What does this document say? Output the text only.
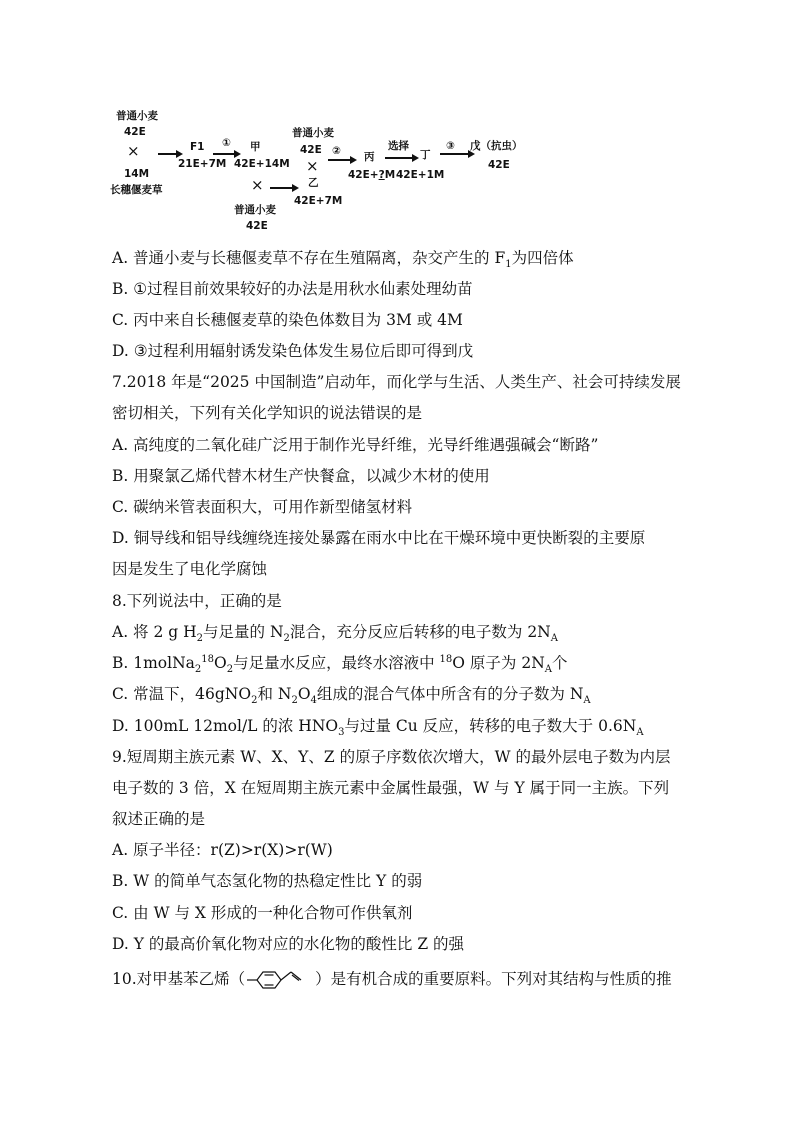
普通小麦
42E
×
14M
长穗偃麦草
F1
21E+7M
① 甲
42E+14M
×
普通小麦
42E
普通小麦
42E
×
乙
42E+7M
② 丙
42E+?M
选择
丁
42E+1M
③ 戊（抗虫）
42E
A. 普通小麦与长穗偃麦草不存在生殖隔离，杂交产生的 $F_1$为四倍体
B. ①过程目前效果较好的办法是用秋水仙素处理幼苗
C. 丙中来自长穗偃麦草的染色体数目为 3M 或 4M
D. ③过程利用辐射诱发染色体发生易位后即可得到戊
7.2018 年是“2025 中国制造”启动年，而化学与生活、人类生产、社会可持续发展
密切相关，下列有关化学知识的说法错误的是
A. 高纯度的二氧化硅广泛用于制作光导纤维，光导纤维遇强碱会“断路”
B. 用聚氯乙烯代替木材生产快餐盒，以减少木材的使用
C. 碳纳米管表面积大，可用作新型储氢材料
D. 铜导线和铝导线缠绕连接处暴露在雨水中比在干燥环境中更快断裂的主要原
因是发生了电化学腐蚀
8.下列说法中，正确的是
A. 将 2 g $H_2$与足量的 $N_2$混合，充分反应后转移的电子数为 $2N_A$
B. $1molNa_2^{18}O_2$与足量水反应，最终水溶液中 $^{18}$O 原子为 $2N_A$个
C. 常温下，46gNO$_2$和 $N_2O_4$组成的混合气体中所含有的分子数为 $N_A$
D. 100mL 12mol/L 的浓 $HNO_3$与过量 Cu 反应，转移的电子数大于 $0.6N_A$
9.短周期主族元素 W、X、Y、Z 的原子序数依次增大，W 的最外层电子数为内层
电子数的 3 倍，X 在短周期主族元素中金属性最强，W 与 Y 属于同一主族。下列
叙述正确的是
A. 原子半径：r(Z)>r(X)>r(W)
B. W 的简单气态氢化物的热稳定性比 Y 的弱
C. 由 W 与 X 形成的一种化合物可作供氧剂
D. Y 的最高价氧化物对应的水化物的酸性比 Z 的强
10.对甲基苯乙烯（	）是有机合成的重要原料。下列对其结构与性质的推
